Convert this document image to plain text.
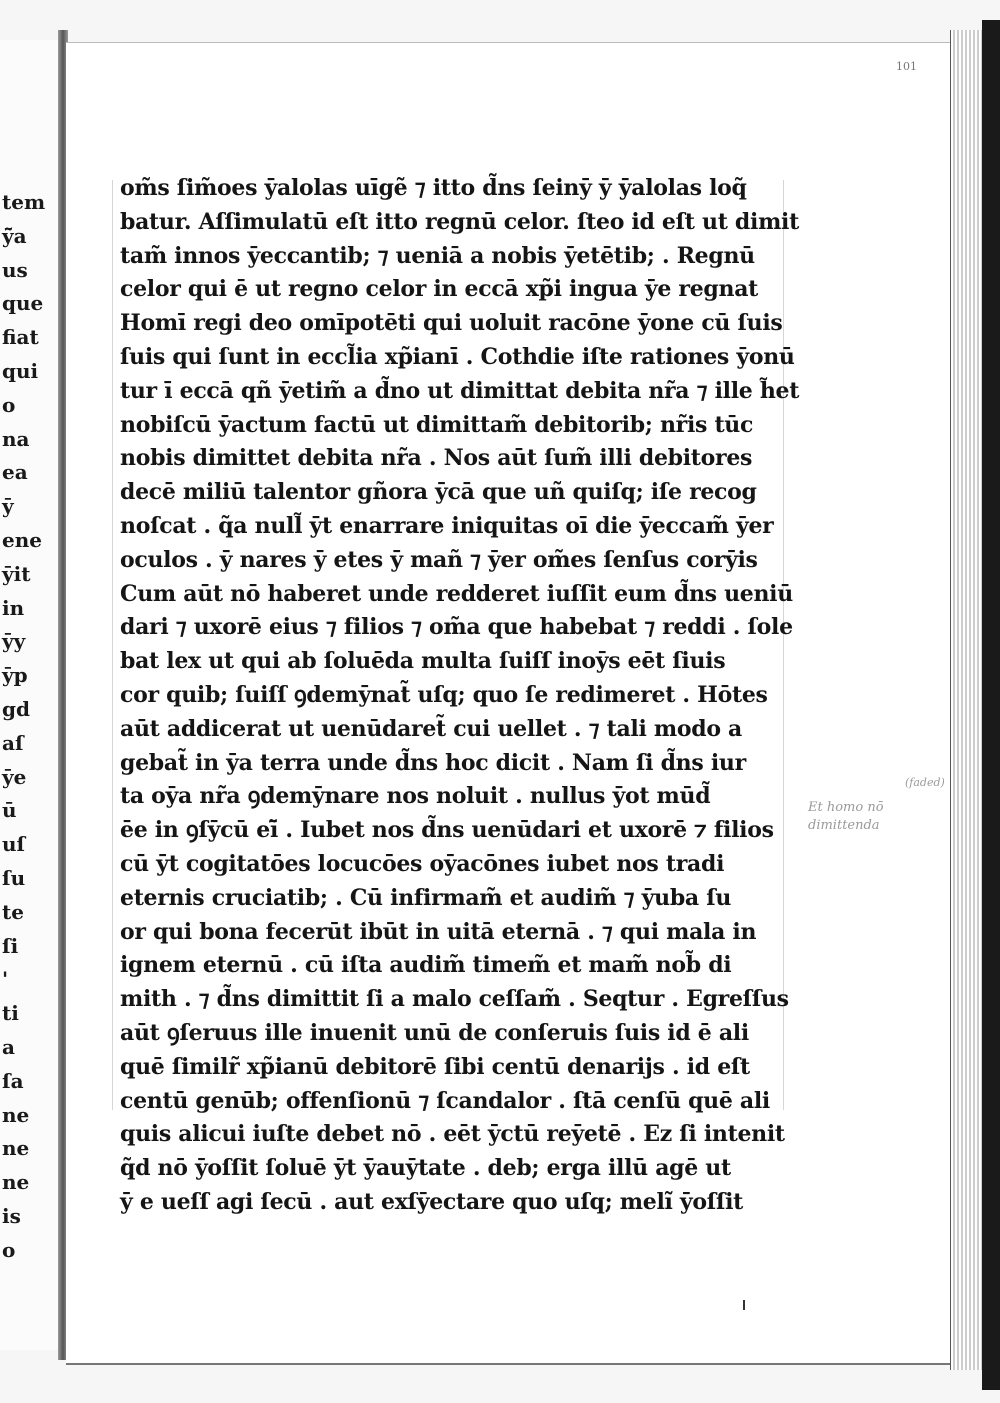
tem
ȳ̃a
us
que
fiat
qui
o
na
ea
ȳ
ene
ȳit
in
ȳy
ȳp
gd
aſ
ȳe
ū
uſ
ſu
te
ſi
'
ti
a
ſa
ne
ne
ne
is
o
101
om̃s ſim̃oes ȳalolas uīgẽ ⁊ itto d̃ns ſeinȳ ȳ ȳalolas loq̃
batur. Aſſimulatū eſt itto regnū celor. ſteo id eſt ut dimit
tam̃ innos ȳeccantib; ⁊ ueniā a nobis ȳetētib; . Regnū
celor qui ē ut regno celor in eccā xp̃i ingua ȳe regnat
Homī regi deo omīpotēti qui uoluit racōne ȳone cū ſuis
ſuis qui ſunt in eccl̃ia xp̃ianī . Cothdie iſte rationes ȳonū
tur ī eccā qñ ȳetim̃ a d̃no ut dimittat debita nr̃a ⁊ ille h̃et
nobiſcū ȳactum factū ut dimittam̃ debitorib; nr̃is tūc
nobis dimittet debita nr̃a . Nos aūt ſum̃ illi debitores
decē miliū talentor gñora ȳcā que uñ quiſq; iſe recog
noſcat . q̃a null̃ ȳt enarrare iniquitas oī die ȳeccam̃ ȳer
oculos . ȳ nares ȳ etes ȳ mañ ⁊ ȳer om̃es ſenſus corȳis
Cum aūt nō haberet unde redderet iuſſit eum d̃ns ueniū
dari ⁊ uxorē eius ⁊ filios ⁊ om̃a que habebat ⁊ reddi . ſole
bat lex ut qui ab ſoluēda multa ſuiſſ inoȳs eēt ſiuis
cor quib; ſuiſſ ꝯdemȳnat̃ uſq; quo ſe redimeret . Hōtes
aūt addicerat ut uenūdaret̃ cui uellet . ⁊ tali modo a
gebat̃ in ȳa terra unde d̃ns hoc dicit . Nam ſi d̃ns iur
ta oȳa nr̃a ꝯdemȳnare nos noluit . nullus ȳot mūd̃
ēe in ꝯſȳcū eī̃ . Iubet nos d̃ns uenūdari et uxorē ⁊ filios
cū ȳt cogitatōes locucōes oȳacōnes iubet nos tradi
eternis cruciatib; . Cū infirmam̃ et audim̃ ⁊ ȳuba ſu
or qui bona fecerūt ibūt in uitā eternā . ⁊ qui mala in
ignem eternū . cū iſta audim̃ timem̃ et mam̃ nob̃ di
mith . ⁊ d̃ns dimittit ſi a malo ceſſam̃ . Seqtur . Egreſſus
aūt ꝯſeruus ille inuenit unū de conſeruis ſuis id ē ali
quē ſimilr̃ xp̃ianū debitorē ſibi centū denarijs . id eſt
centū genūb; offenſionū ⁊ ſcandalor . ſtā cenſū quē ali
quis alicui iuſte debet nō . eēt ȳctū reȳetē . Ez ſi intenit
q̃d nō ȳoſſit ſoluē ȳt ȳauȳtate . deb; erga illū agē ut
ȳ e ueſſ agi ſecū . aut exſȳectare quo uſq; melĩ ȳoſſit
(faded)
Et homo nō
dimittenda
